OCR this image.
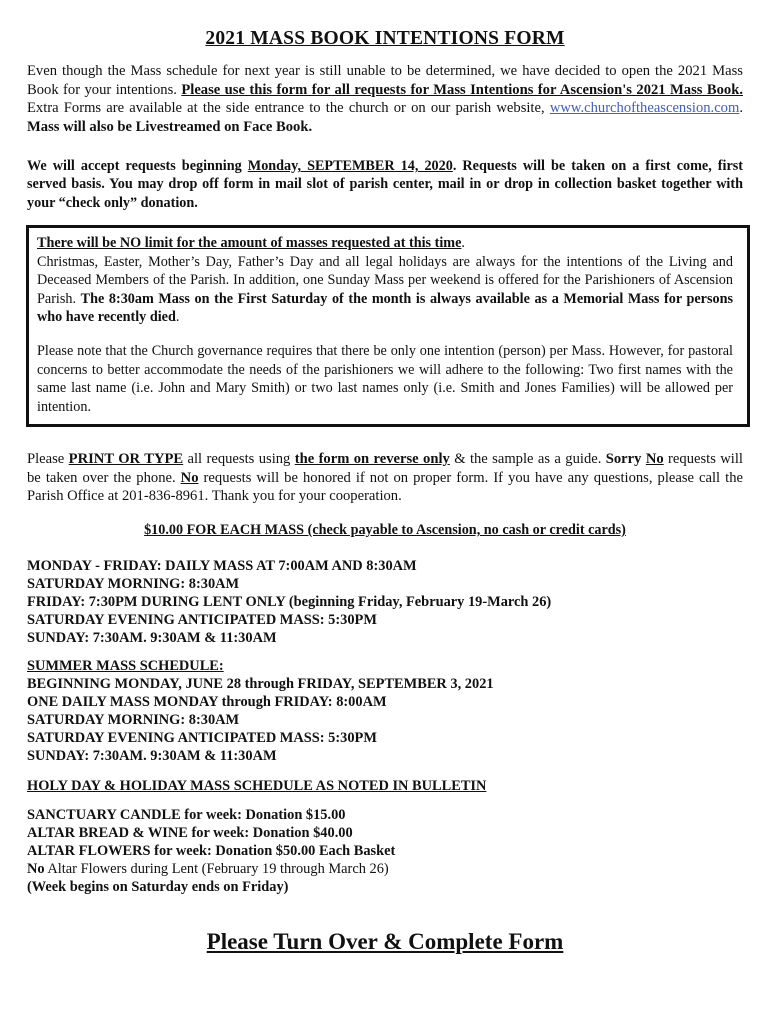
2021 MASS BOOK INTENTIONS FORM

Even though the Mass schedule for next year is still unable to be determined, we have decided to open the 2021 Mass Book for your intentions. Please use this form for all requests for Mass Intentions for Ascension's 2021 Mass Book. Extra Forms are available at the side entrance to the church or on our parish website, www.churchoftheascension.com. Mass will also be Livestreamed on Face Book.

We will accept requests beginning Monday, SEPTEMBER 14, 2020. Requests will be taken on a first come, first served basis. You may drop off form in mail slot of parish center, mail in or drop in collection basket together with your “check only” donation.

There will be NO limit for the amount of masses requested at this time.
Christmas, Easter, Mother’s Day, Father’s Day and all legal holidays are always for the intentions of the Living and Deceased Members of the Parish. In addition, one Sunday Mass per weekend is offered for the Parishioners of Ascension Parish. The 8:30am Mass on the First Saturday of the month is always available as a Memorial Mass for persons who have recently died.

Please note that the Church governance requires that there be only one intention (person) per Mass. However, for pastoral concerns to better accommodate the needs of the parishioners we will adhere to the following: Two first names with the same last name (i.e. John and Mary Smith) or two last names only (i.e. Smith and Jones Families) will be allowed per intention.

Please PRINT OR TYPE all requests using the form on reverse only & the sample as a guide. Sorry No requests will be taken over the phone. No requests will be honored if not on proper form. If you have any questions, please call the Parish Office at 201-836-8961. Thank you for your cooperation.

$10.00 FOR EACH MASS (check payable to Ascension, no cash or credit cards)

MONDAY - FRIDAY: DAILY MASS AT 7:00AM AND 8:30AM
SATURDAY MORNING: 8:30AM
FRIDAY: 7:30PM DURING LENT ONLY (beginning Friday, February 19-March 26)
SATURDAY EVENING ANTICIPATED MASS: 5:30PM
SUNDAY: 7:30AM. 9:30AM & 11:30AM
SUMMER MASS SCHEDULE:
BEGINNING MONDAY, JUNE 28 through FRIDAY, SEPTEMBER 3, 2021
ONE DAILY MASS MONDAY through FRIDAY: 8:00AM
SATURDAY MORNING: 8:30AM
SATURDAY EVENING ANTICIPATED MASS: 5:30PM
SUNDAY: 7:30AM. 9:30AM & 11:30AM
HOLY DAY & HOLIDAY MASS SCHEDULE AS NOTED IN BULLETIN
SANCTUARY CANDLE for week: Donation $15.00
ALTAR BREAD & WINE for week: Donation $40.00
ALTAR FLOWERS for week: Donation $50.00 Each Basket
No Altar Flowers during Lent (February 19 through March 26)
(Week begins on Saturday ends on Friday)
Please Turn Over & Complete Form
